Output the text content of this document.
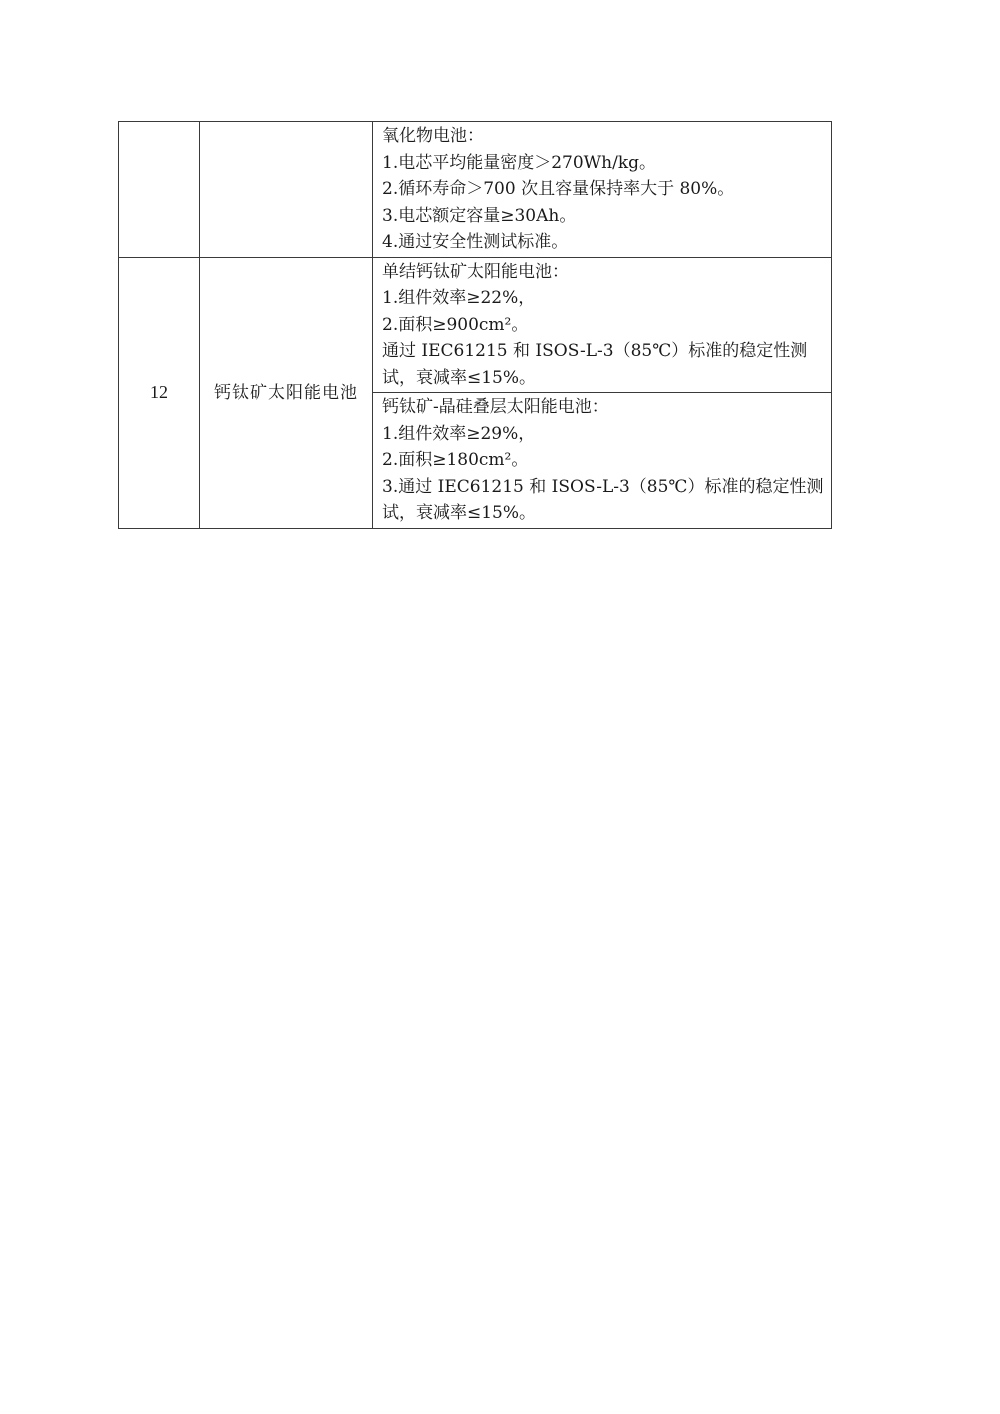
		氧化物电池：
1.电芯平均能量密度＞270Wh/kg。
2.循环寿命＞700 次且容量保持率大于 80%。
3.电芯额定容量≥30Ah。
4.通过安全性测试标准。

12	钙钛矿太阳能电池	单结钙钛矿太阳能电池：
1.组件效率≥22%，
2.面积≥900cm²。
通过 IEC61215 和 ISOS-L-3（85℃）标准的稳定性测试，衰减率≤15%。

		钙钛矿-晶硅叠层太阳能电池：
1.组件效率≥29%，
2.面积≥180cm²。
3.通过 IEC61215 和 ISOS-L-3（85℃）标准的稳定性测试，衰减率≤15%。
